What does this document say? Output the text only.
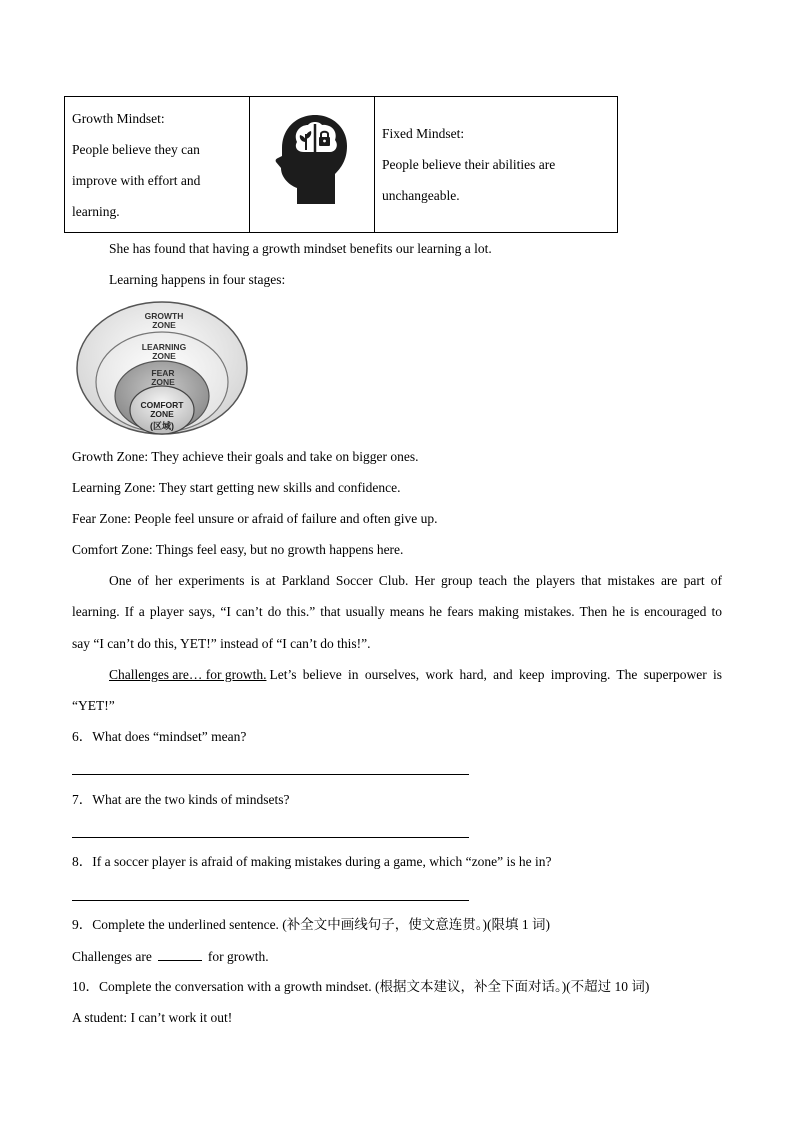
Growth Mindset:
People believe they can
improve with effort and
learning.

Fixed Mindset:
People believe their abilities are
unchangeable.
She has found that having a growth mindset benefits our learning a lot.
Learning happens in four stages:
GROWTH
ZONE
LEARNING
ZONE
FEAR
ZONE
COMFORT
ZONE
(区域)
Growth Zone: They achieve their goals and take on bigger ones.
Learning Zone: They start getting new skills and confidence.
Fear Zone: People feel unsure or afraid of failure and often give up.
Comfort Zone: Things feel easy, but no growth happens here.
One of her experiments is at Parkland Soccer Club. Her group teach the players that mistakes are part of
learning. If a player says, “I can’t do this.” that usually means he fears making mistakes. Then he is encouraged to
say “I can’t do this, YET!” instead of “I can’t do this!”.
Challenges are… for growth. Let’s believe in ourselves, work hard, and keep improving. The superpower is
“YET!”
6．What does “mindset” mean?
7．What are the two kinds of mindsets?
8．If a soccer player is afraid of making mistakes during a game, which “zone” is he in?
9．Complete the underlined sentence. (补全文中画线句子，使文意连贯。)(限填 1 词)
Challenges are	for growth.
10．Complete the conversation with a growth mindset. (根据文本建议，补全下面对话。)(不超过 10 词)
A student: I can’t work it out!
